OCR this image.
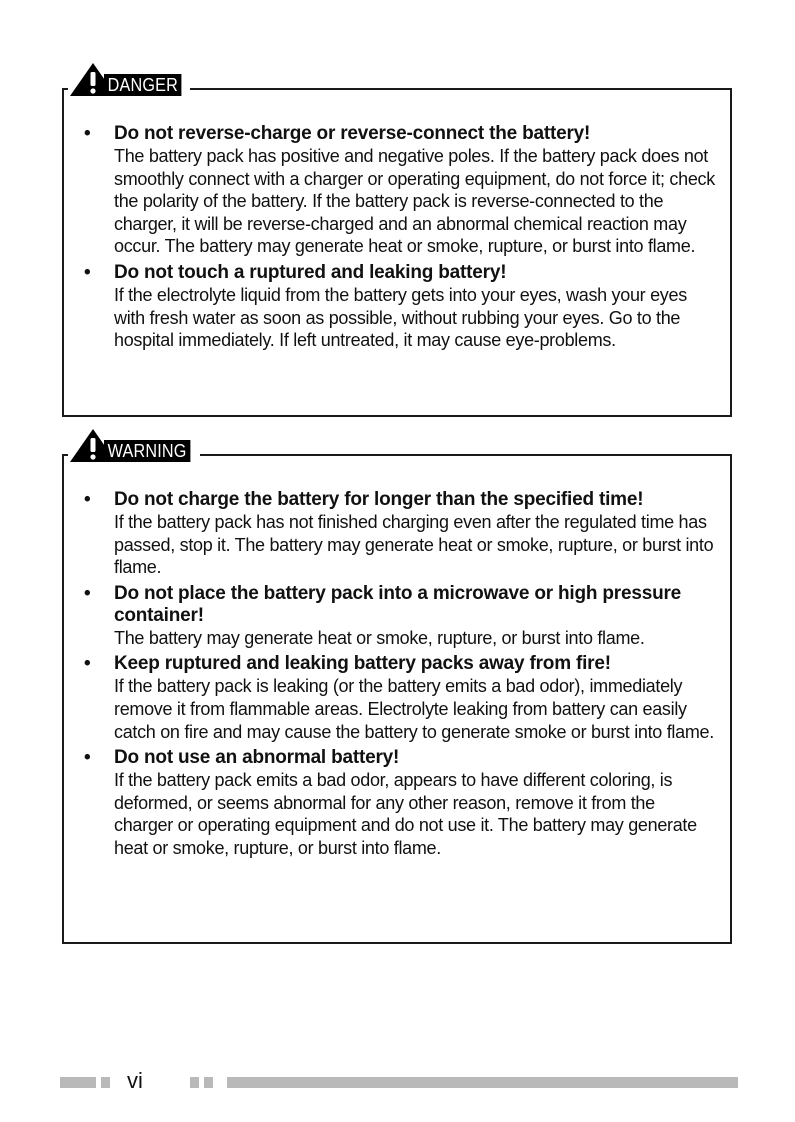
• Do not reverse-charge or reverse-connect the battery!
The battery pack has positive and negative poles. If the battery pack does not smoothly connect with a charger or operating equipment, do not force it; check the polarity of the battery. If the battery pack is reverse-connected to the charger, it will be reverse-charged and an abnormal chemical reaction may occur. The battery may generate heat or smoke, rupture, or burst into flame.
• Do not touch a ruptured and leaking battery!
If the electrolyte liquid from the battery gets into your eyes, wash your eyes with fresh water as soon as possible, without rubbing your eyes. Go to the hospital immediately. If left untreated, it may cause eye-problems.
DANGER
• Do not charge the battery for longer than the specified time!
If the battery pack has not finished charging even after the regulated time has passed, stop it. The battery may generate heat or smoke, rupture, or burst into flame.
• Do not place the battery pack into a microwave or high pressure container!
The battery may generate heat or smoke, rupture, or burst into flame.
• Keep ruptured and leaking battery packs away from fire!
If the battery pack is leaking (or the battery emits a bad odor), immediately remove it from flammable areas. Electrolyte leaking from battery can easily catch on fire and may cause the battery to generate smoke or burst into flame.
• Do not use an abnormal battery!
If the battery pack emits a bad odor, appears to have different coloring, is deformed, or seems abnormal for any other reason, remove it from the charger or operating equipment and do not use it. The battery may generate heat or smoke, rupture, or burst into flame.
WARNING
vi
